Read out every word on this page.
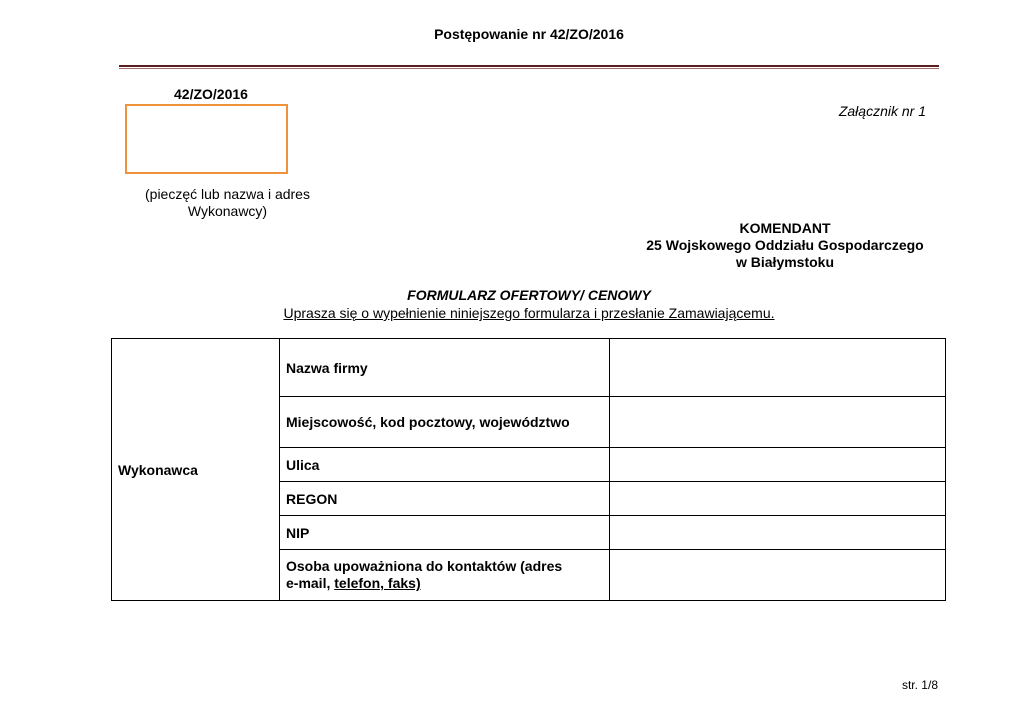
Postępowanie nr 42/ZO/2016
42/ZO/2016
(pieczęć lub nazwa i adres
Wykonawcy)
Załącznik nr 1
KOMENDANT
25 Wojskowego Oddziału Gospodarczego
w Białymstoku
FORMULARZ OFERTOWY/ CENOWY
Uprasza się o wypełnienie niniejszego formularza i przesłanie Zamawiającemu.
Wykonawca	Nazwa firmy	
	Miejscowość, kod pocztowy, województwo	
	Ulica	
	REGON	
	NIP	
	Osoba upoważniona do kontaktów (adres
e-mail, telefon, faks)	
str. 1/8
